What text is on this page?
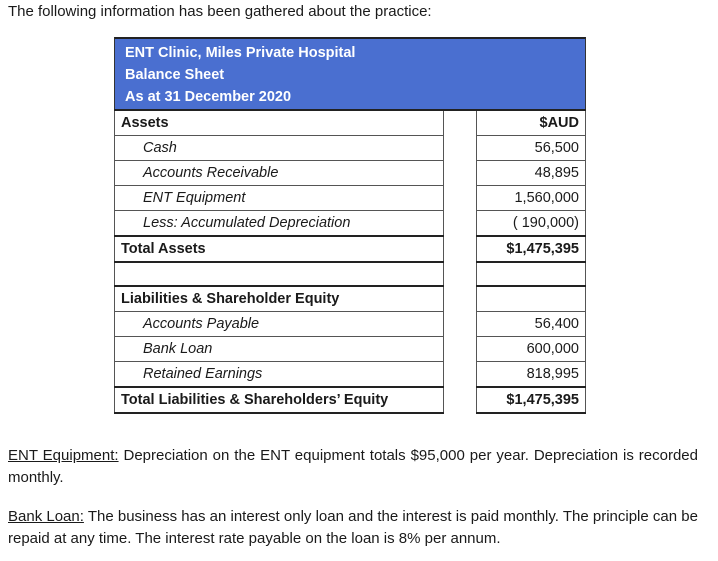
The following information has been gathered about the practice:
ENT Clinic, Miles Private Hospital
Balance Sheet
As at 31 December 2020
Assets		$AUD
Cash		56,500
Accounts Receivable		48,895
ENT Equipment		1,560,000
Less: Accumulated Depreciation		( 190,000)
Total Assets		$1,475,395

Liabilities & Shareholder Equity		
Accounts Payable		56,400
Bank Loan		600,000
Retained Earnings		818,995
Total Liabilities & Shareholders’ Equity		$1,475,395
ENT Equipment: Depreciation on the ENT equipment totals $95,000 per year. Depreciation is recorded monthly.
Bank Loan: The business has an interest only loan and the interest is paid monthly. The principle can be repaid at any time. The interest rate payable on the loan is 8% per annum.
